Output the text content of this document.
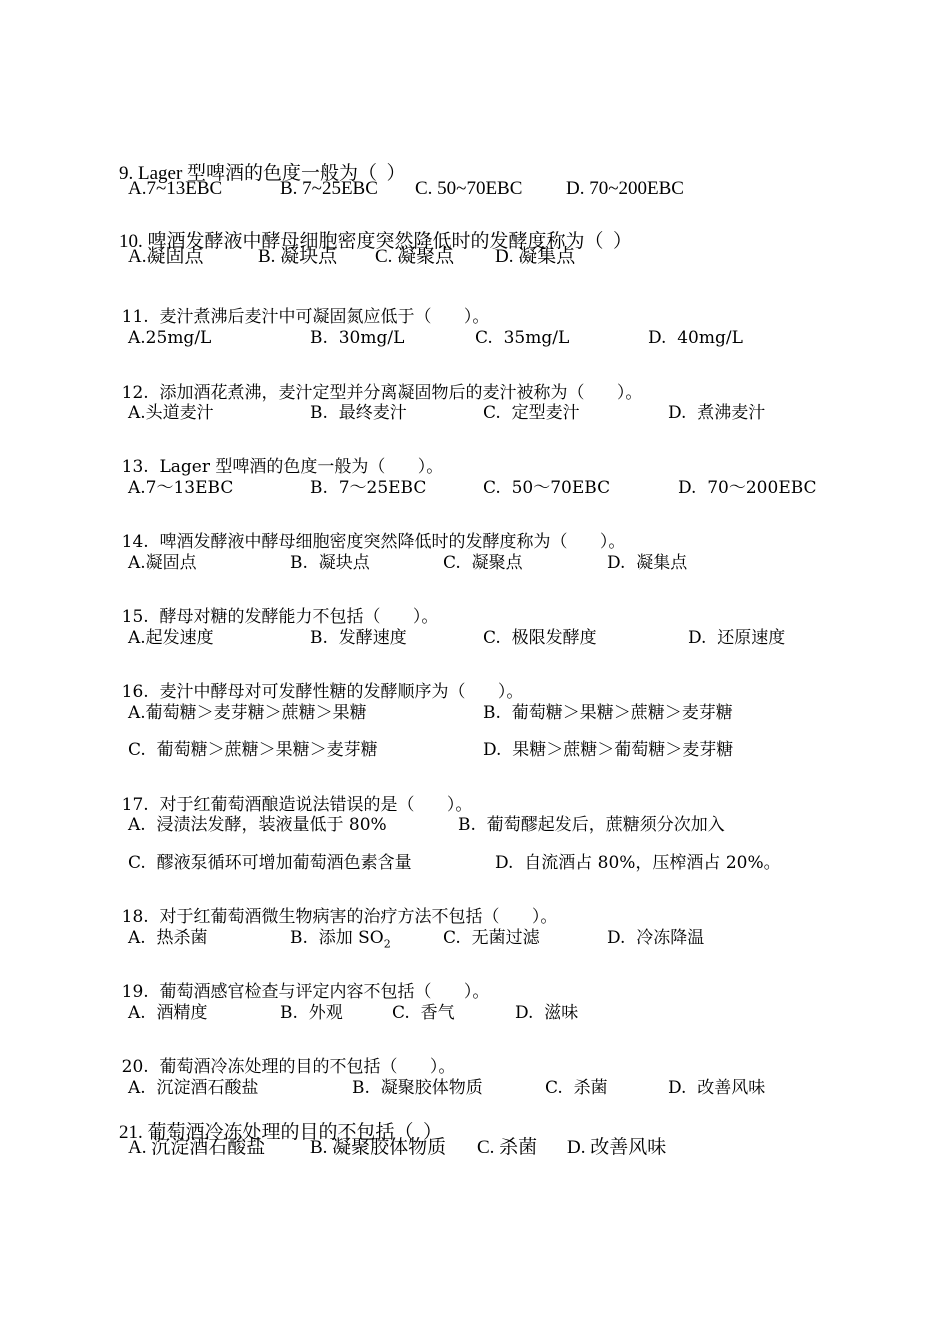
9. Lager 型啤酒的色度一般为（  ）

A.7~13EBC	B. 7~25EBC C. 50~70EBC D. 70~200EBC

10. 啤酒发酵液中酵母细胞密度突然降低时的发酵度称为（  ）

A.凝固点	B. 凝块点 C. 凝聚点 D. 凝集点

11. 麦汁煮沸后麦汁中可凝固氮应低于（      ）。

A.25mg/L	B.  30mg/L	C.  35mg/L	D.  40mg/L

12. 添加酒花煮沸，麦汁定型并分离凝固物后的麦汁被称为（      ）。

A.头道麦汁	B.  最终麦汁	C.  定型麦汁	D.  煮沸麦汁

13. Lager 型啤酒的色度一般为（      ）。

A.7～13EBC	B.  7～25EBC	C.  50～70EBC	D.  70～200EBC

14. 啤酒发酵液中酵母细胞密度突然降低时的发酵度称为（      ）。

A.凝固点	B.  凝块点	C.  凝聚点	D.  凝集点

15. 酵母对糖的发酵能力不包括（      ）。

A.起发速度	B.  发酵速度	C.  极限发酵度	D.  还原速度

16. 麦汁中酵母对可发酵性糖的发酵顺序为（      ）。

A.葡萄糖＞麦芽糖＞蔗糖＞果糖	B.  葡萄糖＞果糖＞蔗糖＞麦芽糖
C.  葡萄糖＞蔗糖＞果糖＞麦芽糖	D.  果糖＞蔗糖＞葡萄糖＞麦芽糖

17. 对于红葡萄酒酿造说法错误的是（      ）。

A.  浸渍法发酵，装液量低于 80%	B.  葡萄醪起发后，蔗糖须分次加入
C.  醪液泵循环可增加葡萄酒色素含量	D.  自流酒占 80%，压榨酒占 20%。

18. 对于红葡萄酒微生物病害的治疗方法不包括（      ）。

A.  热杀菌	B.  添加 $SO_2$	C.  无菌过滤	D.  冷冻降温

19. 葡萄酒感官检查与评定内容不包括（      ）。

A.  酒精度	B.  外观	C.  香气	D.  滋味

20. 葡萄酒冷冻处理的目的不包括（      ）。

A.  沉淀酒石酸盐	B.  凝聚胶体物质	C.  杀菌	D.  改善风味

21. 葡萄酒冷冻处理的目的不包括（  ）

A. 沉淀酒石酸盐 B. 凝聚胶体物质 C. 杀菌 D. 改善风味
